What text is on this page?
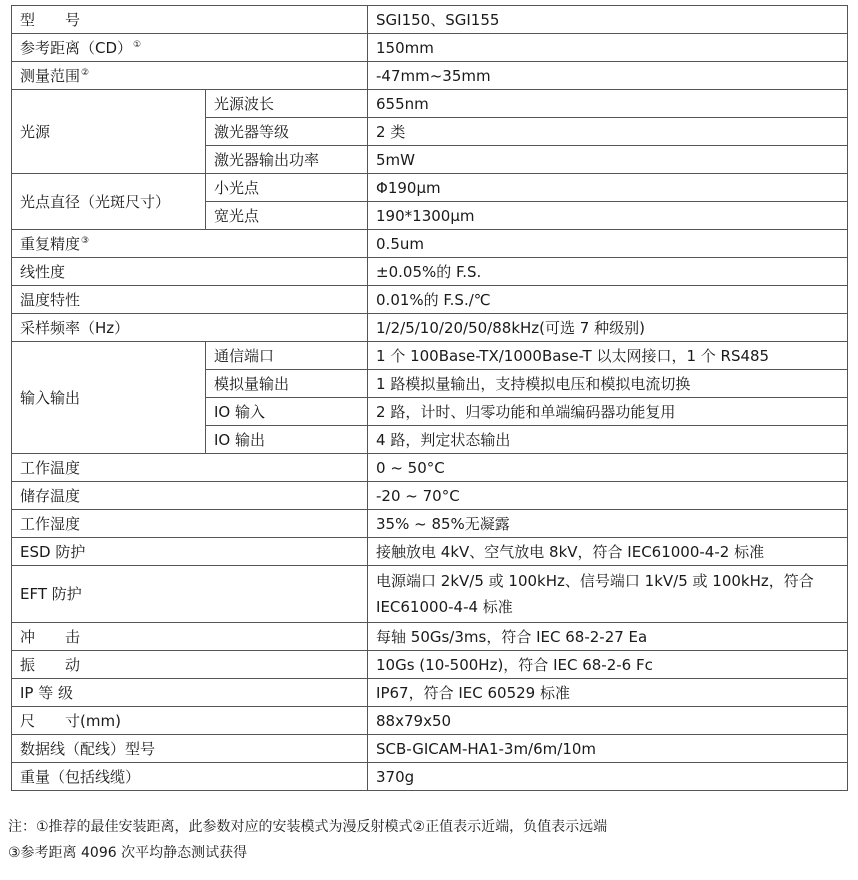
型　　号		SGI150、SGI155
参考距离（CD）①		150mm
测量范围②		-47mm~35mm
光源	光源波长	655nm
	激光器等级	2 类
	激光器输出功率	5mW
光点直径（光斑尺寸）	小光点	Φ190μm
	宽光点	190*1300μm
重复精度③		0.5um
线性度		±0.05%的 F.S.
温度特性		0.01%的 F.S./℃
采样频率（Hz）		1/2/5/10/20/50/88kHz(可选 7 种级别)
输入输出	通信端口	1 个 100Base-TX/1000Base-T 以太网接口，1 个 RS485
	模拟量输出	1 路模拟量输出，支持模拟电压和模拟电流切换
	IO 输入	2 路，计时、归零功能和单端编码器功能复用
	IO 输出	4 路，判定状态输出
工作温度		0 ~ 50°C
储存温度		-20 ~ 70°C
工作湿度		35% ~ 85%无凝露
ESD 防护		接触放电 4kV、空气放电 8kV，符合 IEC61000-4-2 标准
EFT 防护		电源端口 2kV/5 或 100kHz、信号端口 1kV/5 或 100kHz，符合 IEC61000-4-4 标准
冲　　击		每轴 50Gs/3ms，符合 IEC 68-2-27 Ea
振　　动		10Gs (10-500Hz)，符合 IEC 68-2-6 Fc
IP 等 级		IP67，符合 IEC 60529 标准
尺　　寸(mm)		88x79x50
数据线（配线）型号		SCB-GICAM-HA1-3m/6m/10m
重量（包括线缆）		370g
注：①推荐的最佳安装距离，此参数对应的安装模式为漫反射模式②正值表示近端，负值表示远端
③参考距离 4096 次平均静态测试获得
